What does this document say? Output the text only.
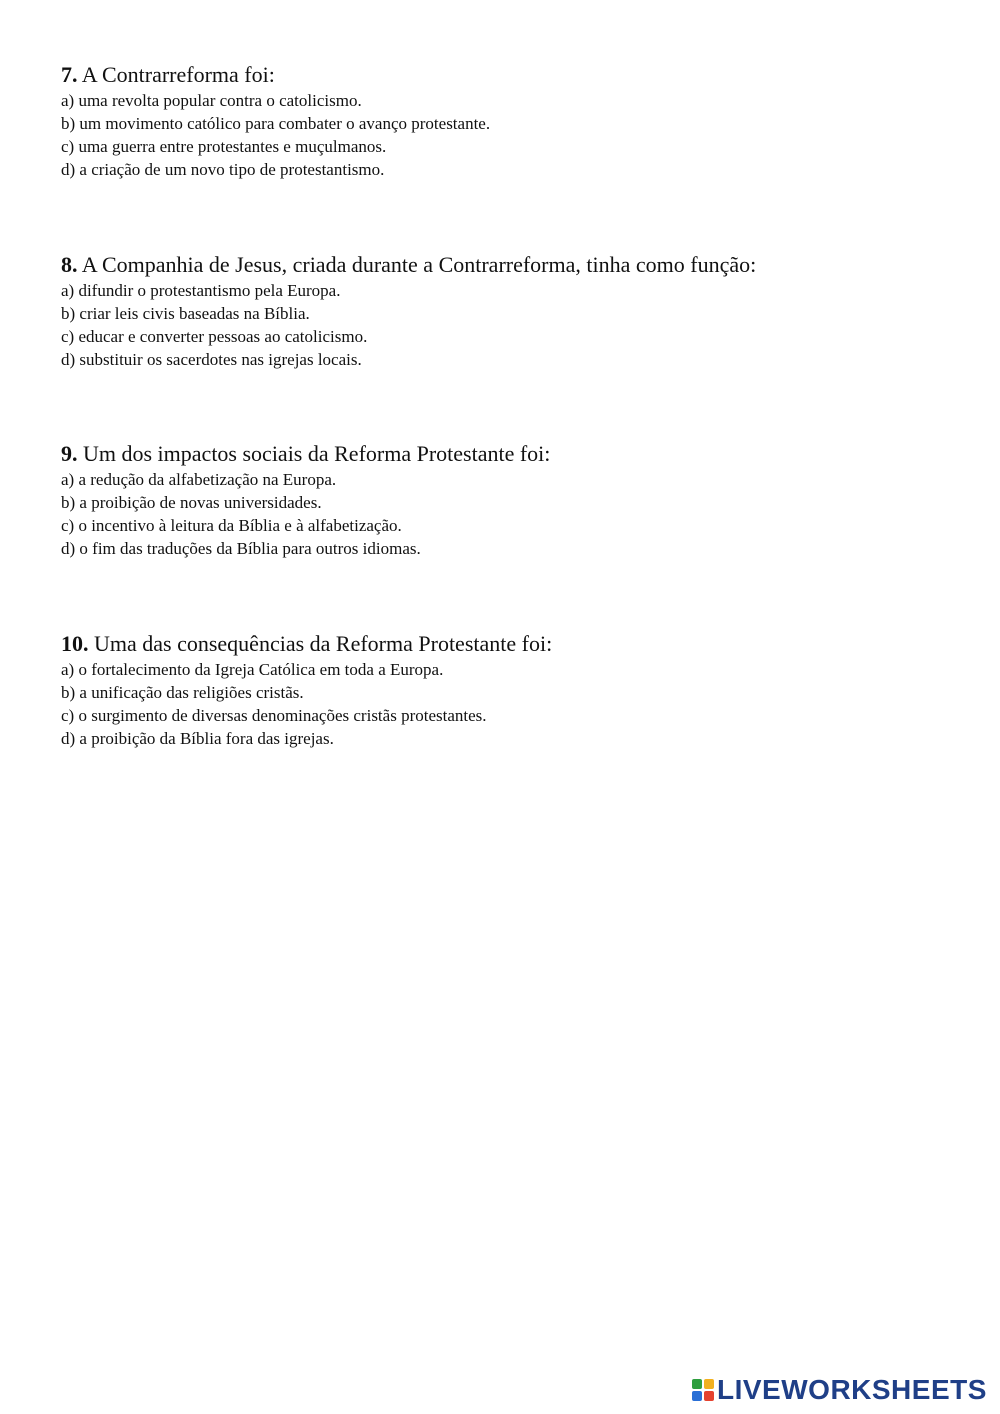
7. A Contrarreforma foi:
a) uma revolta popular contra o catolicismo.
b) um movimento católico para combater o avanço protestante.
c) uma guerra entre protestantes e muçulmanos.
d) a criação de um novo tipo de protestantismo.
8. A Companhia de Jesus, criada durante a Contrarreforma, tinha como função:
a) difundir o protestantismo pela Europa.
b) criar leis civis baseadas na Bíblia.
c) educar e converter pessoas ao catolicismo.
d) substituir os sacerdotes nas igrejas locais.
9. Um dos impactos sociais da Reforma Protestante foi:
a) a redução da alfabetização na Europa.
b) a proibição de novas universidades.
c) o incentivo à leitura da Bíblia e à alfabetização.
d) o fim das traduções da Bíblia para outros idiomas.
10. Uma das consequências da Reforma Protestante foi:
a) o fortalecimento da Igreja Católica em toda a Europa.
b) a unificação das religiões cristãs.
c) o surgimento de diversas denominações cristãs protestantes.
d) a proibição da Bíblia fora das igrejas.
LIVEWORKSHEETS
